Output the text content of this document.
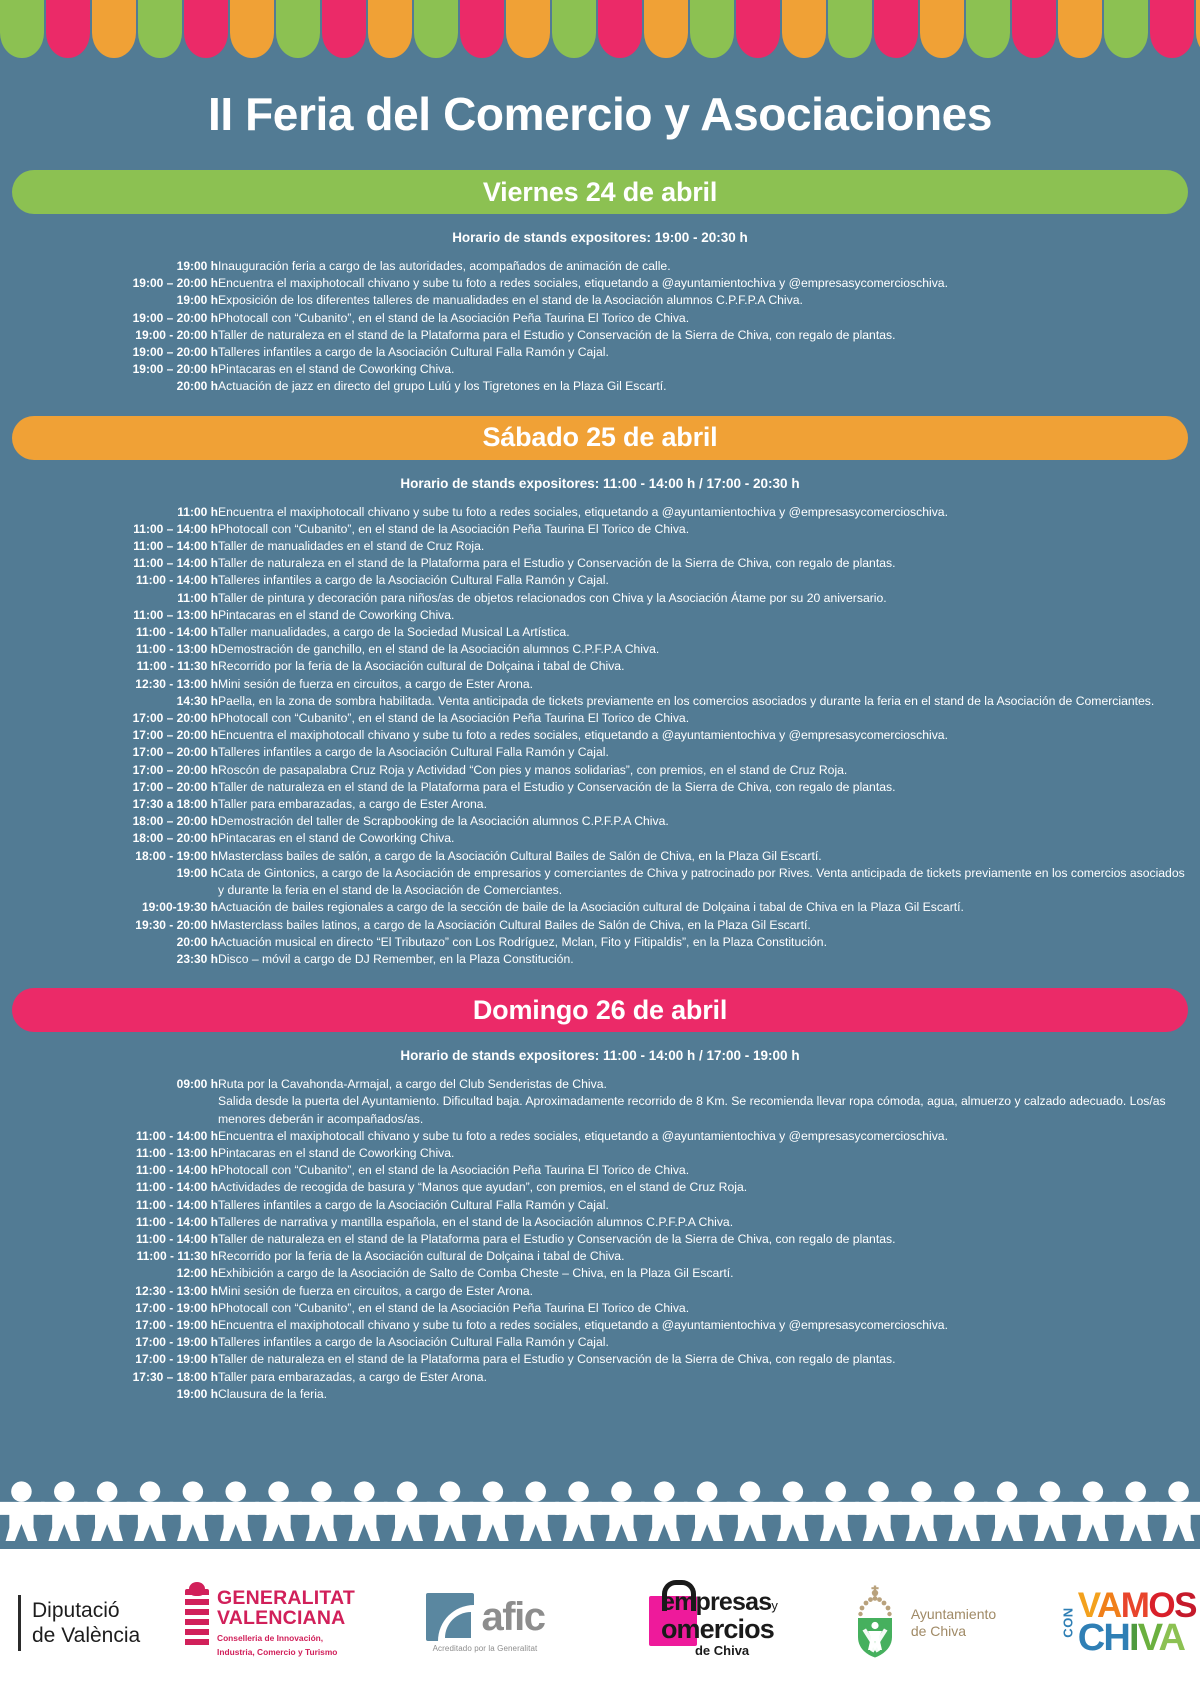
II Feria del Comercio y Asociaciones
Viernes 24 de abril
Horario de stands expositores: 19:00 - 20:30 h
19:00 h	Inauguración feria a cargo de las autoridades, acompañados de animación de calle.
19:00 – 20:00 h	Encuentra el maxiphotocall chivano y sube tu foto a redes sociales, etiquetando a @ayuntamientochiva y @empresasycomercioschiva.
19:00 h	Exposición de los diferentes talleres de manualidades en el stand de la Asociación alumnos C.P.F.P.A Chiva.
19:00 – 20:00 h	Photocall con “Cubanito”, en el stand de la Asociación Peña Taurina El Torico de Chiva.
19:00 - 20:00 h	Taller de naturaleza en el stand de la Plataforma para el Estudio y Conservación de la Sierra de Chiva, con regalo de plantas.
19:00 – 20:00 h	Talleres infantiles a cargo de la Asociación Cultural Falla Ramón y Cajal.
19:00 – 20:00 h	Pintacaras en el stand de Coworking Chiva.
20:00 h	Actuación de jazz en directo del grupo Lulú y los Tigretones en la Plaza Gil Escartí.
Sábado 25 de abril
Horario de stands expositores: 11:00 - 14:00 h / 17:00 - 20:30 h
11:00 h	Encuentra el maxiphotocall chivano y sube tu foto a redes sociales, etiquetando a @ayuntamientochiva y @empresasycomercioschiva.
11:00 – 14:00 h	Photocall con “Cubanito”, en el stand de la Asociación Peña Taurina El Torico de Chiva.
11:00 – 14:00 h	Taller de manualidades en el stand de Cruz Roja.
11:00 – 14:00 h	Taller de naturaleza en el stand de la Plataforma para el Estudio y Conservación de la Sierra de Chiva, con regalo de plantas.
11:00 - 14:00 h	Talleres infantiles a cargo de la Asociación Cultural Falla Ramón y Cajal.
11:00 h	Taller de pintura y decoración para niños/as de objetos relacionados con Chiva y la Asociación Átame por su 20 aniversario.
11:00 – 13:00 h	Pintacaras en el stand de Coworking Chiva.
11:00 - 14:00 h	Taller manualidades, a cargo de la Sociedad Musical La Artística.
11:00 - 13:00 h	Demostración de ganchillo, en el stand de la Asociación alumnos C.P.F.P.A Chiva.
11:00 - 11:30 h	Recorrido por la feria de la Asociación cultural de Dolçaina i tabal de Chiva.
12:30 - 13:00 h	Mini sesión de fuerza en circuitos, a cargo de Ester Arona.
14:30 h	Paella, en la zona de sombra habilitada. Venta anticipada de tickets previamente en los comercios asociados y durante la feria en el stand de la Asociación de Comerciantes.
17:00 – 20:00 h	Photocall con “Cubanito”, en el stand de la Asociación Peña Taurina El Torico de Chiva.
17:00 – 20:00 h	Encuentra el maxiphotocall chivano y sube tu foto a redes sociales, etiquetando a @ayuntamientochiva y @empresasycomercioschiva.
17:00 – 20:00 h	Talleres infantiles a cargo de la Asociación Cultural Falla Ramón y Cajal.
17:00 – 20:00 h	Roscón de pasapalabra Cruz Roja y Actividad “Con pies y manos solidarias”, con premios, en el stand de Cruz Roja.
17:00 – 20:00 h	Taller de naturaleza en el stand de la Plataforma para el Estudio y Conservación de la Sierra de Chiva, con regalo de plantas.
17:30 a 18:00 h	Taller para embarazadas, a cargo de Ester Arona.
18:00 – 20:00 h	Demostración del taller de Scrapbooking de la Asociación alumnos C.P.F.P.A Chiva.
18:00 – 20:00 h	Pintacaras en el stand de Coworking Chiva.
18:00 - 19:00 h	Masterclass bailes de salón, a cargo de la Asociación Cultural Bailes de Salón de Chiva, en la Plaza Gil Escartí.
19:00 h	Cata de Gintonics, a cargo de la Asociación de empresarios y comerciantes de Chiva y patrocinado por Rives. Venta anticipada de tickets previamente en los comercios asociados y durante la feria en el stand de la Asociación de Comerciantes.
19:00-19:30 h	Actuación de bailes regionales a cargo de la sección de baile de la Asociación cultural de Dolçaina i tabal de Chiva en la Plaza Gil Escartí.
19:30 - 20:00 h	Masterclass bailes latinos, a cargo de la Asociación Cultural Bailes de Salón de Chiva, en la Plaza Gil Escartí.
20:00 h	Actuación musical en directo “El Tributazo” con Los Rodríguez, Mclan, Fito y Fitipaldis”, en la Plaza Constitución.
23:30 h	Disco – móvil a cargo de DJ Remember, en la Plaza Constitución.
Domingo 26 de abril
Horario de stands expositores: 11:00 - 14:00 h / 17:00 - 19:00 h
09:00 h	Ruta por la Cavahonda-Armajal, a cargo del Club Senderistas de Chiva.
	Salida desde la puerta del Ayuntamiento. Dificultad baja. Aproximadamente recorrido de 8 Km. Se recomienda llevar ropa cómoda, agua, almuerzo y calzado adecuado. Los/as menores deberán ir acompañados/as.
11:00 - 14:00 h	Encuentra el maxiphotocall chivano y sube tu foto a redes sociales, etiquetando a @ayuntamientochiva y @empresasycomercioschiva.
11:00 - 13:00 h	Pintacaras en el stand de Coworking Chiva.
11:00 - 14:00 h	Photocall con “Cubanito”, en el stand de la Asociación Peña Taurina El Torico de Chiva.
11:00 - 14:00 h	Actividades de recogida de basura y “Manos que ayudan”, con premios, en el stand de Cruz Roja.
11:00 - 14:00 h	Talleres infantiles a cargo de la Asociación Cultural Falla Ramón y Cajal.
11:00 - 14:00 h	Talleres de narrativa y mantilla española, en el stand de la Asociación alumnos C.P.F.P.A Chiva.
11:00 - 14:00 h	Taller de naturaleza en el stand de la Plataforma para el Estudio y Conservación de la Sierra de Chiva, con regalo de plantas.
11:00 - 11:30 h	Recorrido por la feria de la Asociación cultural de Dolçaina i tabal de Chiva.
12:00 h	Exhibición a cargo de la Asociación de Salto de Comba Cheste – Chiva, en la Plaza Gil Escartí.
12:30 - 13:00 h	Mini sesión de fuerza en circuitos, a cargo de Ester Arona.
17:00 - 19:00 h	Photocall con “Cubanito”, en el stand de la Asociación Peña Taurina El Torico de Chiva.
17:00 - 19:00 h	Encuentra el maxiphotocall chivano y sube tu foto a redes sociales, etiquetando a @ayuntamientochiva y @empresasycomercioschiva.
17:00 - 19:00 h	Talleres infantiles a cargo de la Asociación Cultural Falla Ramón y Cajal.
17:00 - 19:00 h	Taller de naturaleza en el stand de la Plataforma para el Estudio y Conservación de la Sierra de Chiva, con regalo de plantas.
17:30 – 18:00 h	Taller para embarazadas, a cargo de Ester Arona.
19:00 h	Clausura de la feria.
Diputació
de València
GENERALITAT
VALENCIANA
Conselleria de Innovación,
Industria, Comercio y Turismo
afic
Acreditado por la Generalitat
empresasy
omercios
de Chiva
Ayuntamiento
de Chiva	CON VAMOS
CHIVA
